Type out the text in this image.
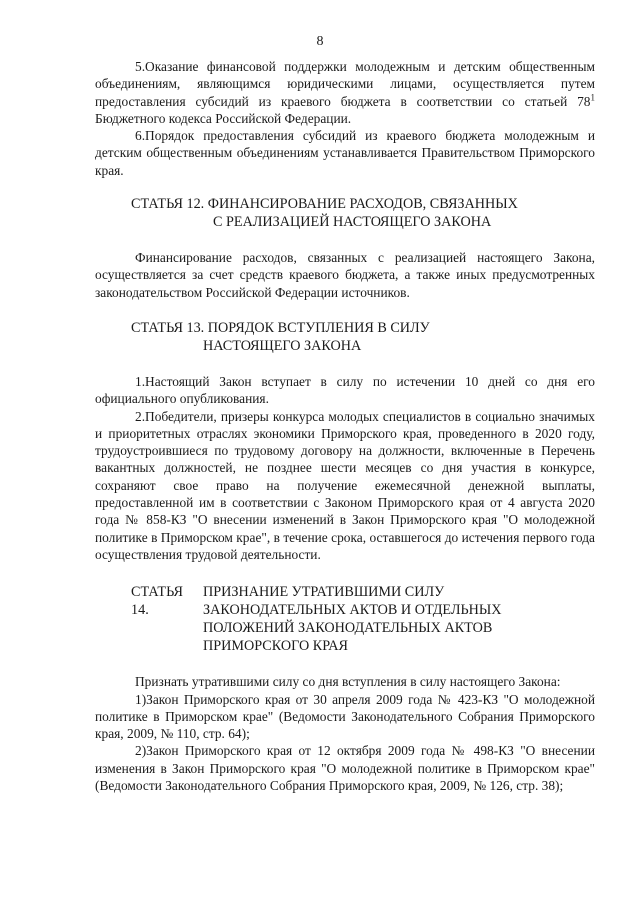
8

5.Оказание финансовой поддержки молодежным и детским общественным объединениям, являющимся юридическими лицами, осуществляется путем предоставления субсидий из краевого бюджета в соответствии со статьей $78^1$ Бюджетного кодекса Российской Федерации.

6.Порядок предоставления субсидий из краевого бюджета молодежным и детским общественным объединениям устанавливается Правительством Приморского края.

СТАТЬЯ 12. ФИНАНСИРОВАНИЕ РАСХОДОВ, СВЯЗАННЫХ

С РЕАЛИЗАЦИЕЙ НАСТОЯЩЕГО ЗАКОНА

Финансирование расходов, связанных с реализацией настоящего Закона, осуществляется за счет средств краевого бюджета, а также иных предусмотренных законодательством Российской Федерации источников.

СТАТЬЯ 13. ПОРЯДОК ВСТУПЛЕНИЯ В СИЛУ

НАСТОЯЩЕГО ЗАКОНА

1.Настоящий Закон вступает в силу по истечении 10 дней со дня его официального опубликования.

2.Победители, призеры конкурса молодых специалистов в социально значимых и приоритетных отраслях экономики Приморского края, проведенного в 2020 году, трудоустроившиеся по трудовому договору на должности, включенные в Перечень вакантных должностей, не позднее шести месяцев со дня участия в конкурсе, сохраняют свое право на получение ежемесячной денежной выплаты, предоставленной им в соответствии с Законом Приморского края от 4 августа 2020 года № 858-КЗ "О внесении изменений в Закон Приморского края "О молодежной политике в Приморском крае", в течение срока, оставшегося до истечения первого года осуществления трудовой деятельности.

СТАТЬЯ 14.
ПРИЗНАНИЕ УТРАТИВШИМИ СИЛУ
ЗАКОНОДАТЕЛЬНЫХ АКТОВ И ОТДЕЛЬНЫХ
ПОЛОЖЕНИЙ ЗАКОНОДАТЕЛЬНЫХ АКТОВ
ПРИМОРСКОГО КРАЯ

Признать утратившими силу со дня вступления в силу настоящего Закона:

1)Закон Приморского края от 30 апреля 2009 года № 423-КЗ "О молодежной политике в Приморском крае" (Ведомости Законодательного Собрания Приморского края, 2009, № 110, стр. 64);

2)Закон Приморского края от 12 октября 2009 года № 498-КЗ "О внесении изменения в Закон Приморского края "О молодежной политике в Приморском крае" (Ведомости Законодательного Собрания Приморского края, 2009, № 126, стр. 38);
